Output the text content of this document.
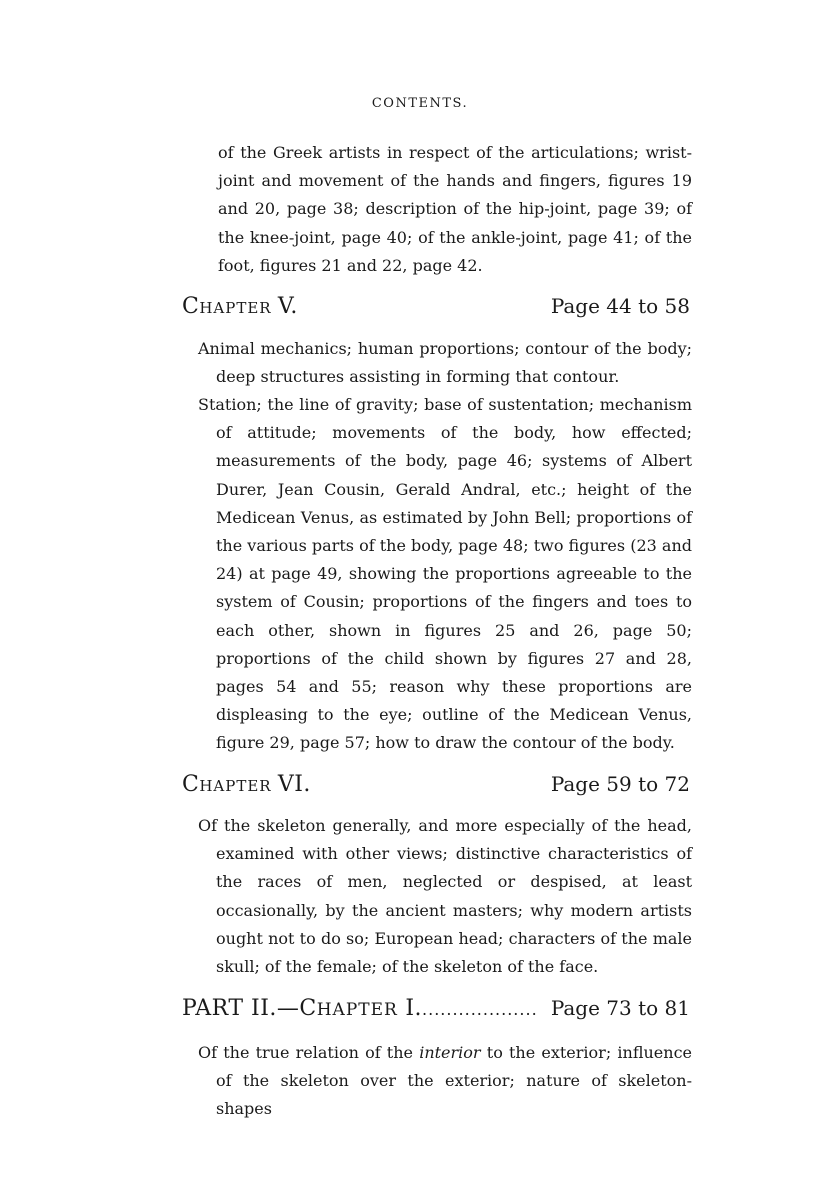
CONTENTS.

of the Greek artists in respect of the articulations; wrist-joint and movement of the hands and fingers, figures 19 and 20, page 38; description of the hip-joint, page 39; of the knee-joint, page 40; of the ankle-joint, page 41; of the foot, figures 21 and 22, page 42.

CHAPTER V.	Page 44 to 58

Animal mechanics; human proportions; contour of the body; deep structures assisting in forming that contour.

Station; the line of gravity; base of sustentation; mechanism of attitude; movements of the body, how effected; measurements of the body, page 46; systems of Albert Durer, Jean Cousin, Gerald Andral, etc.; height of the Medicean Venus, as estimated by John Bell; proportions of the various parts of the body, page 48; two figures (23 and 24) at page 49, showing the proportions agreeable to the system of Cousin; proportions of the fingers and toes to each other, shown in figures 25 and 26, page 50; proportions of the child shown by figures 27 and 28, pages 54 and 55; reason why these proportions are displeasing to the eye; outline of the Medicean Venus, figure 29, page 57; how to draw the contour of the body.

CHAPTER VI.	Page 59 to 72

Of the skeleton generally, and more especially of the head, examined with other views; distinctive characteristics of the races of men, neglected or despised, at least occasionally, by the ancient masters; why modern artists ought not to do so; European head; characters of the male skull; of the female; of the skeleton of the face.

PART II.—CHAPTER I.................... Page 73 to 81

Of the true relation of the interior to the exterior; influence of the skeleton over the exterior; nature of skeleton-shapes
